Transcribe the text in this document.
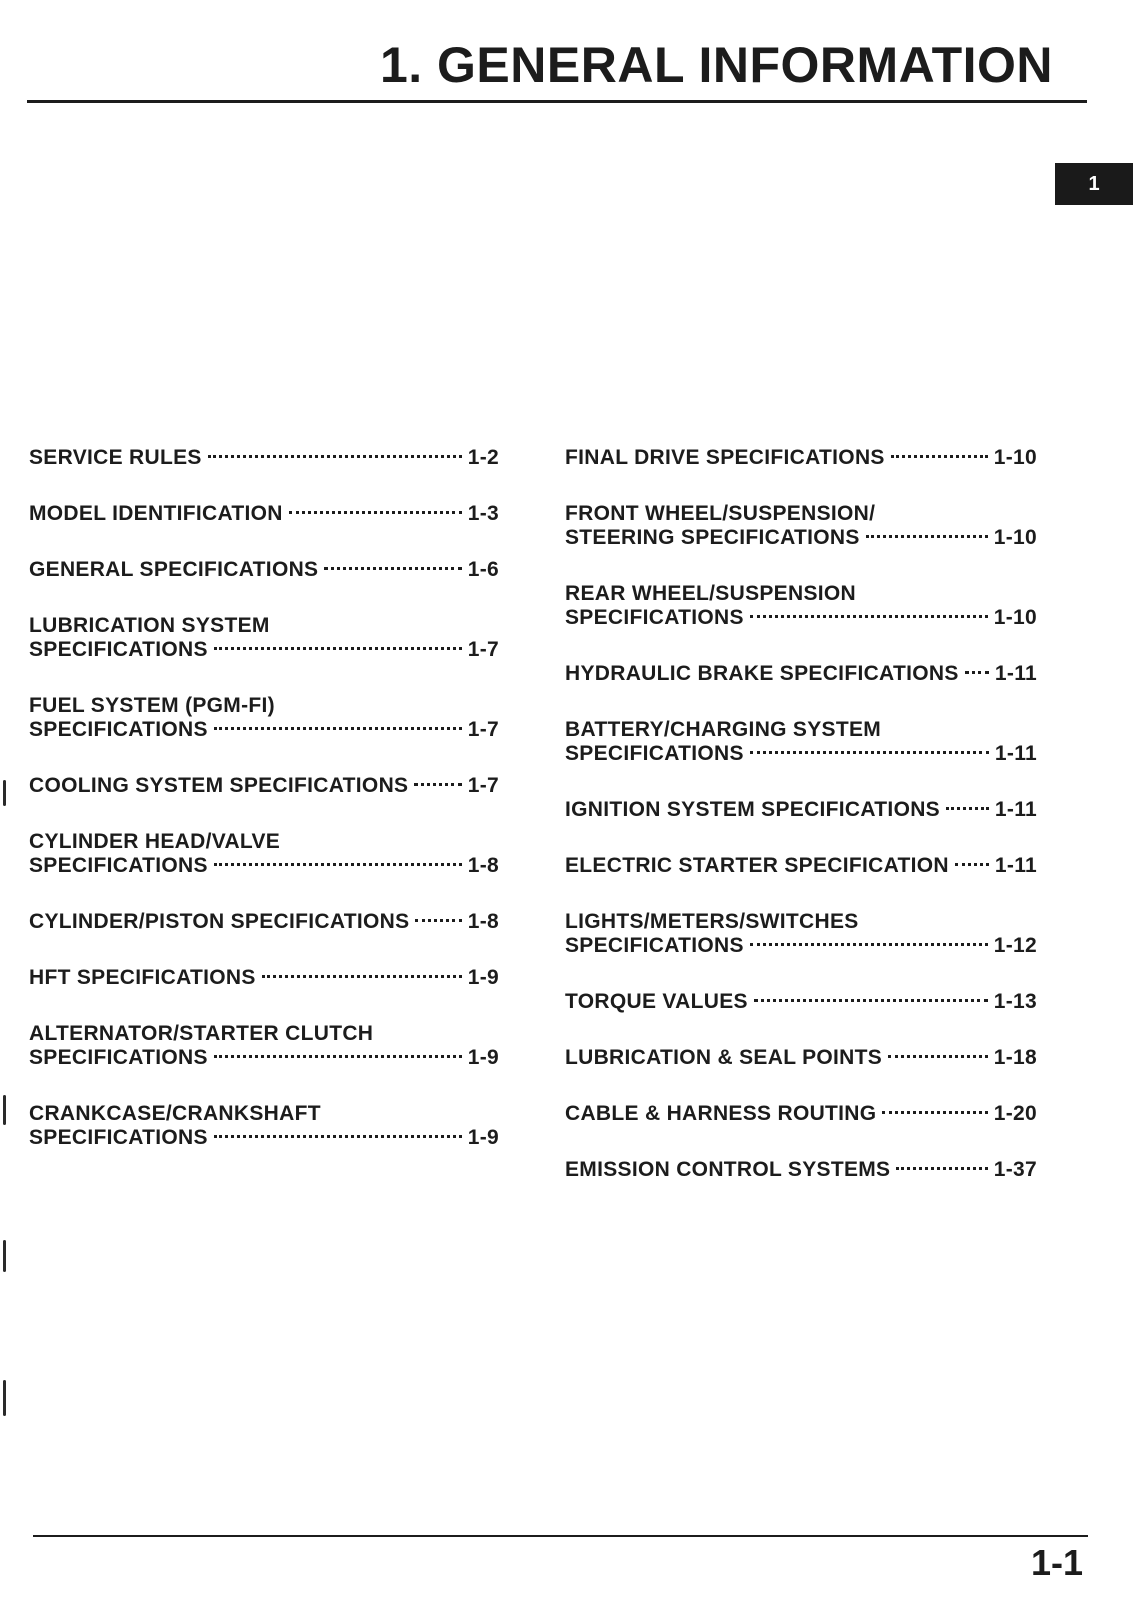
1. GENERAL INFORMATION
1
SERVICE RULES	1-2
MODEL IDENTIFICATION	1-3
GENERAL SPECIFICATIONS	1-6
LUBRICATION SYSTEM
SPECIFICATIONS	1-7
FUEL SYSTEM (PGM-FI)
SPECIFICATIONS	1-7
COOLING SYSTEM SPECIFICATIONS	1-7
CYLINDER HEAD/VALVE
SPECIFICATIONS	1-8
CYLINDER/PISTON SPECIFICATIONS	1-8
HFT SPECIFICATIONS	1-9
ALTERNATOR/STARTER CLUTCH
SPECIFICATIONS	1-9
CRANKCASE/CRANKSHAFT
SPECIFICATIONS	1-9
FINAL DRIVE SPECIFICATIONS	1-10
FRONT WHEEL/SUSPENSION/
STEERING SPECIFICATIONS	1-10
REAR WHEEL/SUSPENSION
SPECIFICATIONS	1-10
HYDRAULIC BRAKE SPECIFICATIONS 1-11
BATTERY/CHARGING SYSTEM
SPECIFICATIONS	1-11
IGNITION SYSTEM SPECIFICATIONS	1-11
ELECTRIC STARTER SPECIFICATION 1-11
LIGHTS/METERS/SWITCHES
SPECIFICATIONS	1-12
TORQUE VALUES	1-13
LUBRICATION & SEAL POINTS	1-18
CABLE & HARNESS ROUTING	1-20
EMISSION CONTROL SYSTEMS	1-37
1-1
